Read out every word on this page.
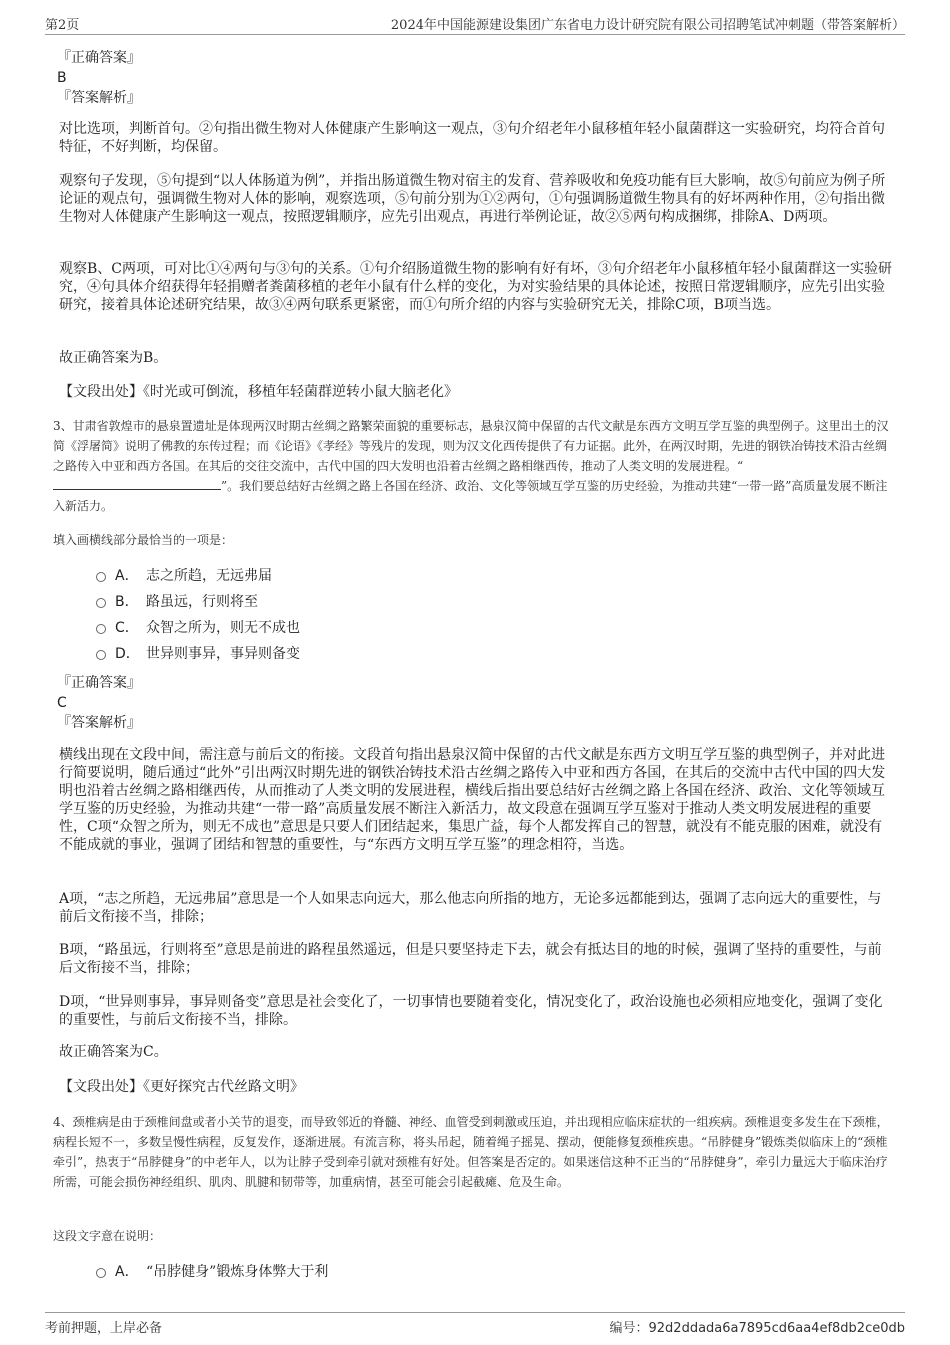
第2页	2024年中国能源建设集团广东省电力设计研究院有限公司招聘笔试冲刺题（带答案解析）

『正确答案』

B

『答案解析』

对比选项，判断首句。②句指出微生物对人体健康产生影响这一观点，③句介绍老年小鼠移植年轻小鼠菌群这一实验研究，均符合首句特征，不好判断，均保留。

观察句子发现，⑤句提到“以人体肠道为例”，并指出肠道微生物对宿主的发育、营养吸收和免疫功能有巨大影响，故⑤句前应为例子所论证的观点句，强调微生物对人体的影响，观察选项，⑤句前分别为①②两句，①句强调肠道微生物具有的好坏两种作用，②句指出微生物对人体健康产生影响这一观点，按照逻辑顺序，应先引出观点，再进行举例论证，故②⑤两句构成捆绑，排除A、D两项。

观察B、C两项，可对比①④两句与③句的关系。①句介绍肠道微生物的影响有好有坏，③句介绍老年小鼠移植年轻小鼠菌群这一实验研究，④句具体介绍获得年轻捐赠者粪菌移植的老年小鼠有什么样的变化，为对实验结果的具体论述，按照日常逻辑顺序，应先引出实验研究，接着具体论述研究结果，故③④两句联系更紧密，而①句所介绍的内容与实验研究无关，排除C项，B项当选。

故正确答案为B。

【文段出处】《时光或可倒流，移植年轻菌群逆转小鼠大脑老化》

3、甘肃省敦煌市的悬泉置遗址是体现两汉时期古丝绸之路繁荣面貌的重要标志，悬泉汉简中保留的古代文献是东西方文明互学互鉴的典型例子。这里出土的汉简《浮屠简》说明了佛教的东传过程；而《论语》《孝经》等残片的发现，则为汉文化西传提供了有力证据。此外，在两汉时期，先进的钢铁冶铸技术沿古丝绸之路传入中亚和西方各国。在其后的交往交流中，古代中国的四大发明也沿着古丝绸之路相继西传，推动了人类文明的发展进程。“”。我们要总结好古丝绸之路上各国在经济、政治、文化等领域互学互鉴的历史经验，为推动共建“一带一路”高质量发展不断注入新活力。

填入画横线部分最恰当的一项是：

A． 志之所趋，无远弗届
B． 路虽远，行则将至
C． 众智之所为，则无不成也
D． 世异则事异，事异则备变

『正确答案』

C

『答案解析』

横线出现在文段中间，需注意与前后文的衔接。文段首句指出悬泉汉简中保留的古代文献是东西方文明互学互鉴的典型例子，并对此进行简要说明，随后通过“此外”引出两汉时期先进的钢铁冶铸技术沿古丝绸之路传入中亚和西方各国，在其后的交流中古代中国的四大发明也沿着古丝绸之路相继西传，从而推动了人类文明的发展进程，横线后指出要总结好古丝绸之路上各国在经济、政治、文化等领域互学互鉴的历史经验，为推动共建“一带一路”高质量发展不断注入新活力，故文段意在强调互学互鉴对于推动人类文明发展进程的重要性，C项“众智之所为，则无不成也”意思是只要人们团结起来，集思广益，每个人都发挥自己的智慧，就没有不能克服的困难，就没有不能成就的事业，强调了团结和智慧的重要性，与“东西方文明互学互鉴”的理念相符，当选。

A项，“志之所趋，无远弗届”意思是一个人如果志向远大，那么他志向所指的地方，无论多远都能到达，强调了志向远大的重要性，与前后文衔接不当，排除；

B项，“路虽远，行则将至”意思是前进的路程虽然遥远，但是只要坚持走下去，就会有抵达目的地的时候，强调了坚持的重要性，与前后文衔接不当，排除；

D项，“世异则事异，事异则备变”意思是社会变化了，一切事情也要随着变化，情况变化了，政治设施也必须相应地变化，强调了变化的重要性，与前后文衔接不当，排除。

故正确答案为C。

【文段出处】《更好探究古代丝路文明》

4、颈椎病是由于颈椎间盘或者小关节的退变，而导致邻近的脊髓、神经、血管受到刺激或压迫，并出现相应临床症状的一组疾病。颈椎退变多发生在下颈椎，病程长短不一，多数呈慢性病程，反复发作，逐渐进展。有流言称，将头吊起，随着绳子摇晃、摆动，便能修复颈椎疾患。“吊脖健身”锻炼类似临床上的“颈椎牵引”，热衷于“吊脖健身”的中老年人，以为让脖子受到牵引就对颈椎有好处。但答案是否定的。如果迷信这种不正当的“吊脖健身”，牵引力量远大于临床治疗所需，可能会损伤神经组织、肌肉、肌腱和韧带等，加重病情，甚至可能会引起截瘫、危及生命。

这段文字意在说明：

A． “吊脖健身”锻炼身体弊大于利
考前押题，上岸必备	编号：92d2ddada6a7895cd6aa4ef8db2ce0db
